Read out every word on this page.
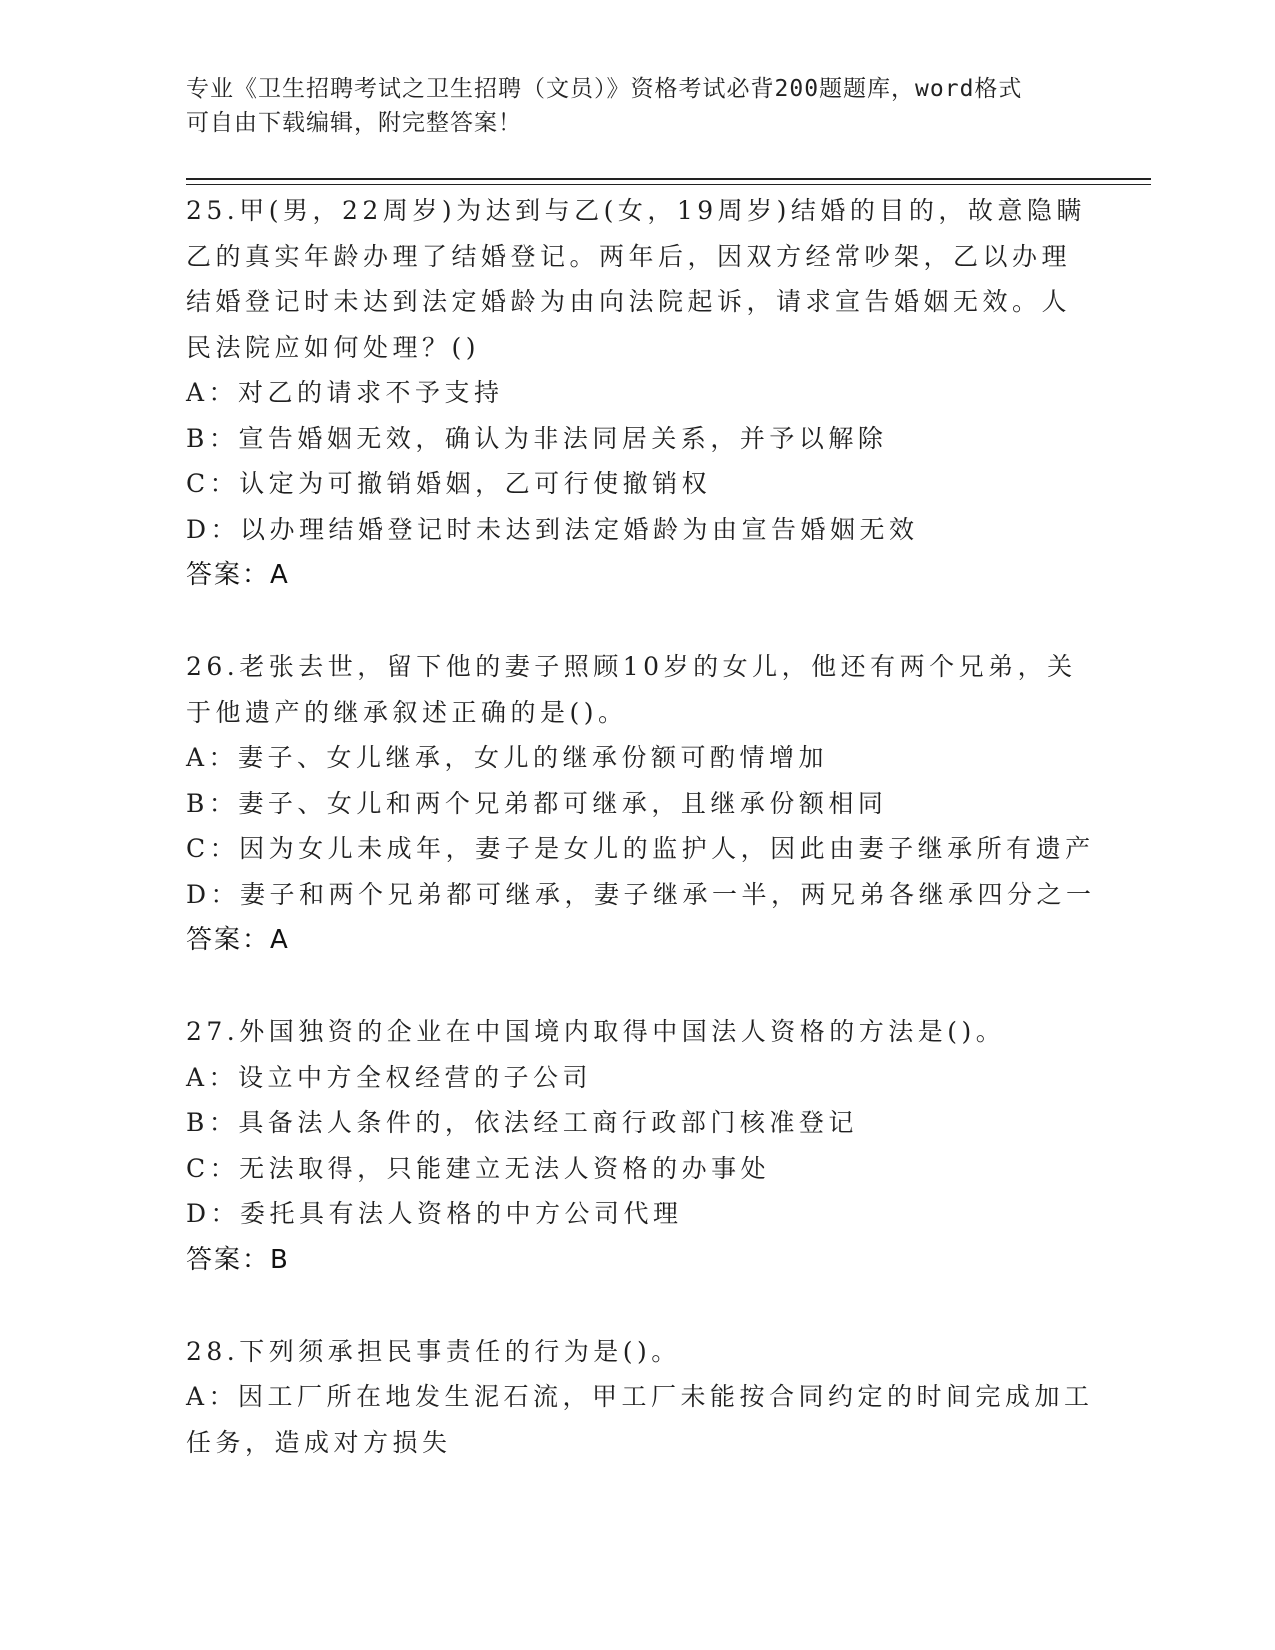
专业《卫生招聘考试之卫生招聘（文员）》资格考试必背200题题库，word格式
可自由下载编辑，附完整答案！
25.甲(男，22周岁)为达到与乙(女，19周岁)结婚的目的，故意隐瞒
乙的真实年龄办理了结婚登记。两年后，因双方经常吵架，乙以办理
结婚登记时未达到法定婚龄为由向法院起诉，请求宣告婚姻无效。人
民法院应如何处理？()
A：对乙的请求不予支持
B：宣告婚姻无效，确认为非法同居关系，并予以解除
C：认定为可撤销婚姻，乙可行使撤销权
D：以办理结婚登记时未达到法定婚龄为由宣告婚姻无效
答案：A
26.老张去世，留下他的妻子照顾10岁的女儿，他还有两个兄弟，关
于他遗产的继承叙述正确的是()。
A：妻子、女儿继承，女儿的继承份额可酌情增加
B：妻子、女儿和两个兄弟都可继承，且继承份额相同
C：因为女儿未成年，妻子是女儿的监护人，因此由妻子继承所有遗产
D：妻子和两个兄弟都可继承，妻子继承一半，两兄弟各继承四分之一
答案：A
27.外国独资的企业在中国境内取得中国法人资格的方法是()。
A：设立中方全权经营的子公司
B：具备法人条件的，依法经工商行政部门核准登记
C：无法取得，只能建立无法人资格的办事处
D：委托具有法人资格的中方公司代理
答案：B
28.下列须承担民事责任的行为是()。
A：因工厂所在地发生泥石流，甲工厂未能按合同约定的时间完成加工
任务，造成对方损失
